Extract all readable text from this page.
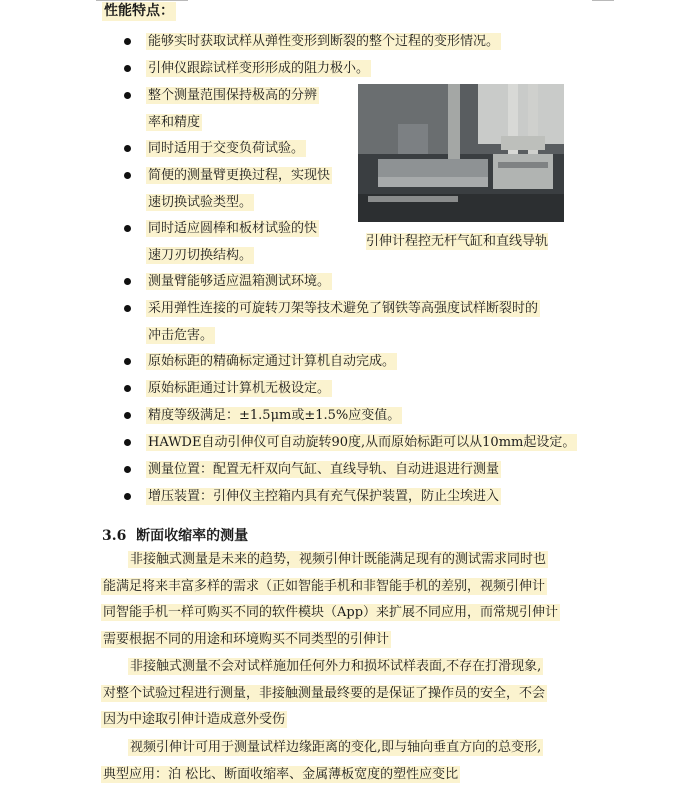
性能特点：
能够实时获取试样从弹性变形到断裂的整个过程的变形情况。
引伸仪跟踪试样变形形成的阻力极小。
整个测量范围保持极高的分辨
率和精度
同时适用于交变负荷试验。
简便的测量臂更换过程，实现快
速切换试验类型。
同时适应圆棒和板材试验的快
速刀刃切换结构。
测量臂能够适应温箱测试环境。
采用弹性连接的可旋转刀架等技术避免了钢铁等高强度试样断裂时的
冲击危害。
原始标距的精确标定通过计算机自动完成。
原始标距通过计算机无极设定。
精度等级满足：±1.5μm或±1.5%应变值。
HAWDE自动引伸仪可自动旋转90度,从而原始标距可以从10mm起设定。
测量位置：配置无杆双向气缸、直线导轨、自动进退进行测量
增压装置：引伸仪主控箱内具有充气保护装置，防止尘埃进入
引伸计程控无杆气缸和直线导轨
3.6 断面收缩率的测量
非接触式测量是未来的趋势，视频引伸计既能满足现有的测试需求同时也
能满足将来丰富多样的需求（正如智能手机和非智能手机的差别，视频引伸计
同智能手机一样可购买不同的软件模块（App）来扩展不同应用，而常规引伸计
需要根据不同的用途和环境购买不同类型的引伸计
非接触式测量不会对试样施加任何外力和损坏试样表面,不存在打滑现象,
对整个试验过程进行测量，非接触测量最终要的是保证了操作员的安全，不会
因为中途取引伸计造成意外受伤
视频引伸计可用于测量试样边缘距离的变化,即与轴向垂直方向的总变形,
典型应用：泊 松比、断面收缩率、金属薄板宽度的塑性应变比
